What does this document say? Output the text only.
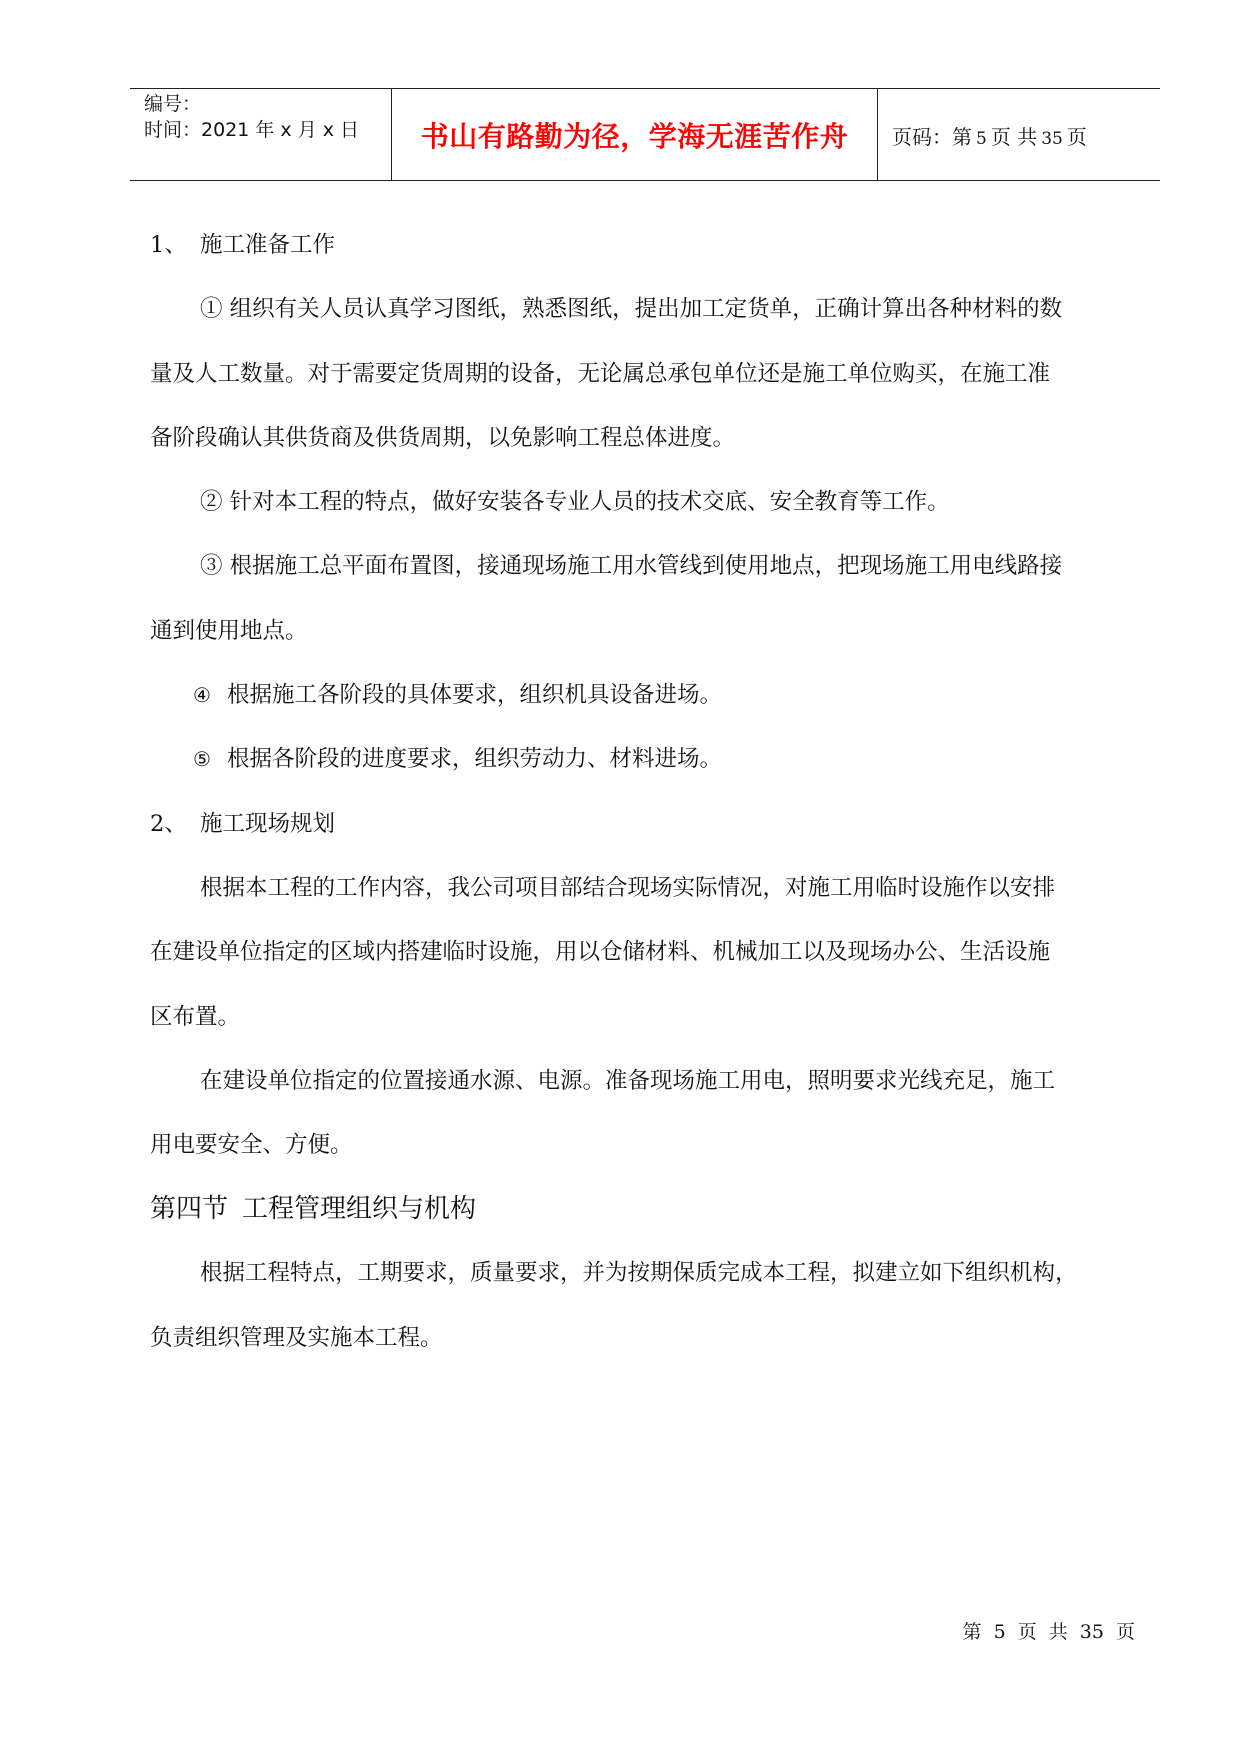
编号：
时间：2021 年 x 月 x 日	书山有路勤为径，学海无涯苦作舟	页码：第 5 页 共 35 页

1、 施工准备工作

① 组织有关人员认真学习图纸，熟悉图纸，提出加工定货单，正确计算出各种材料的数

量及人工数量。对于需要定货周期的设备，无论属总承包单位还是施工单位购买，在施工准

备阶段确认其供货商及供货周期，以免影响工程总体进度。

② 针对本工程的特点，做好安装各专业人员的技术交底、安全教育等工作。

③ 根据施工总平面布置图，接通现场施工用水管线到使用地点，把现场施工用电线路接

通到使用地点。

④ 根据施工各阶段的具体要求，组织机具设备进场。

⑤ 根据各阶段的进度要求，组织劳动力、材料进场。

2、 施工现场规划

根据本工程的工作内容，我公司项目部结合现场实际情况，对施工用临时设施作以安排

在建设单位指定的区域内搭建临时设施，用以仓储材料、机械加工以及现场办公、生活设施

区布置。

在建设单位指定的位置接通水源、电源。准备现场施工用电，照明要求光线充足，施工

用电要安全、方便。

第四节 工程管理组织与机构

根据工程特点，工期要求，质量要求，并为按期保质完成本工程，拟建立如下组织机构，

负责组织管理及实施本工程。

第 5 页 共 35 页
